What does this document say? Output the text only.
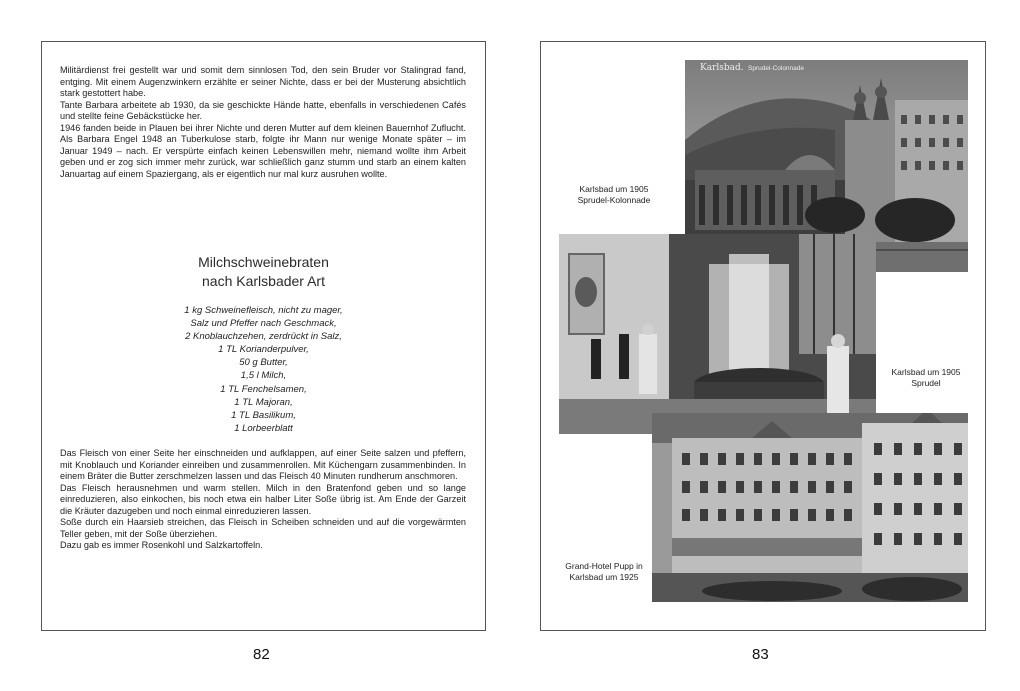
Militärdienst frei gestellt war und somit dem sinnlosen Tod, den sein Bruder vor Stalingrad fand, entging. Mit einem Augenzwinkern erzählte er seiner Nichte, dass er bei der Musterung absichtlich stark gestottert habe.

Tante Barbara arbeitete ab 1930, da sie geschickte Hände hatte, ebenfalls in verschiedenen Cafés und stellte feine Gebäckstücke her.

1946 fanden beide in Plauen bei ihrer Nichte und deren Mutter auf dem kleinen Bauernhof Zuflucht. Als Barbara Engel 1948 an Tuberkulose starb, folgte ihr Mann nur wenige Monate später – im Januar 1949 – nach. Er verspürte einfach keinen Lebenswillen mehr, niemand wollte ihm Arbeit geben und er zog sich immer mehr zurück, war schließlich ganz stumm und starb an einem kalten Januartag auf einem Spaziergang, als er eigentlich nur mal kurz ausruhen wollte.

Milchschweinebraten
nach Karlsbader Art
1 kg Schweinefleisch, nicht zu mager,
Salz und Pfeffer nach Geschmack,
2 Knoblauchzehen, zerdrückt in Salz,
1 TL Korianderpulver,
50 g Butter,
1,5 l Milch,
1 TL Fenchelsamen,
1 TL Majoran,
1 TL Basilikum,
1 Lorbeerblatt

Das Fleisch von einer Seite her einschneiden und aufklappen, auf einer Seite salzen und pfeffern, mit Knoblauch und Koriander einreiben und zusammenrollen. Mit Küchengarn zusammenbinden. In einem Bräter die Butter zerschmelzen lassen und das Fleisch 40 Minuten rundherum anschmoren.

Das Fleisch herausnehmen und warm stellen. Milch in den Bratenfond geben und so lange einreduzieren, also einkochen, bis noch etwa ein halber Liter Soße übrig ist. Am Ende der Garzeit die Kräuter dazugeben und noch einmal einreduzieren lassen.

Soße durch ein Haarsieb streichen, das Fleisch in Scheiben schneiden und auf die vorgewärmten Teller geben, mit der Soße überziehen.

Dazu gab es immer Rosenkohl und Salzkartoffeln.

82
Karlsbad. Sprudel-Colonnade
Karlsbad um 1905
Sprudel-Kolonnade
Karlsbad um 1905
Sprudel
Grand-Hotel Pupp in
Karlsbad um 1925
83
